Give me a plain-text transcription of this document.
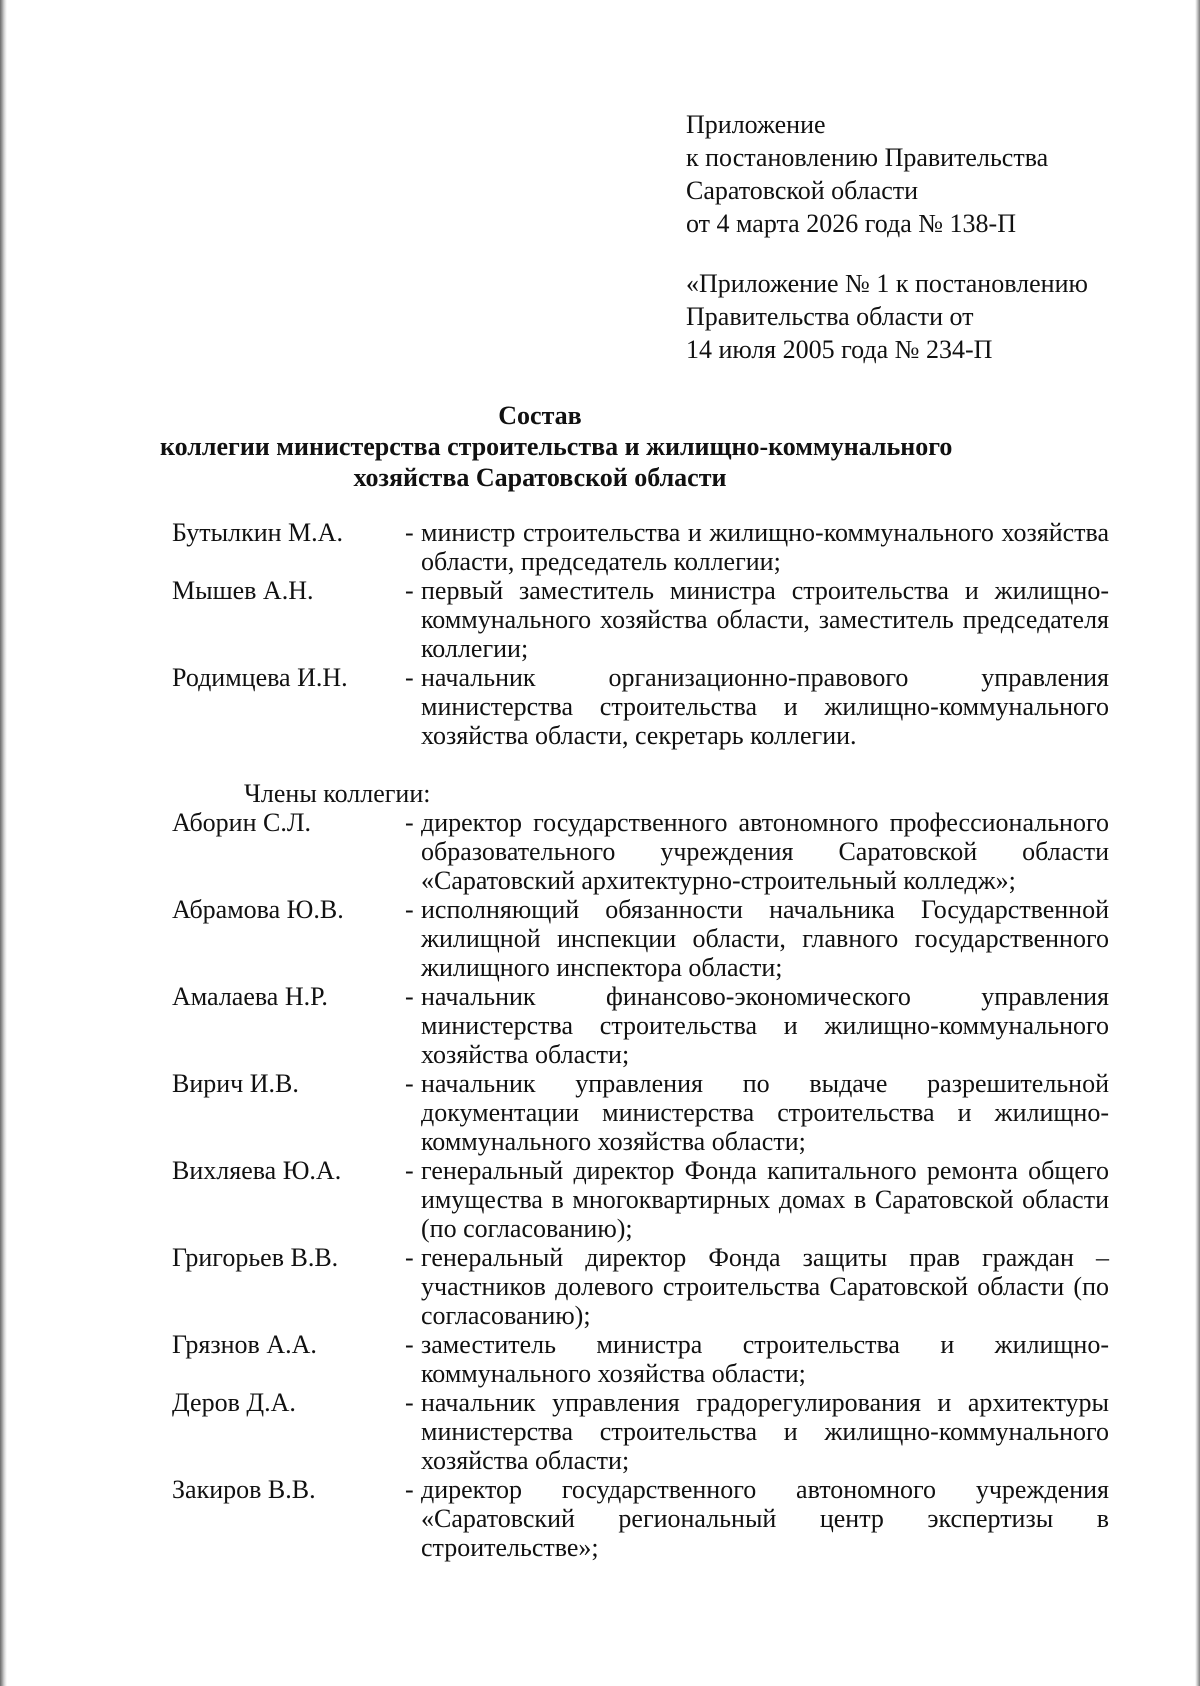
Приложение
к постановлению Правительства
Саратовской области
от 4 марта 2026 года № 138-П
«Приложение № 1 к постановлению
Правительства области от
14 июля 2005 года № 234-П
Состав
коллегии министерства строительства и жилищно-коммунального
хозяйства Саратовской области
Бутылкин М.А.	- министр строительства и жилищно-коммунального хозяйства области, председатель коллегии;
Мышев А.Н.	- первый заместитель министра строительства и жилищно-коммунального хозяйства области, заместитель председателя коллегии;
Родимцева И.Н.	- начальник организационно-правового управления министерства строительства и жилищно-коммунального хозяйства области, секретарь коллегии.
Члены коллегии:
Аборин С.Л.	- директор государственного автономного профессионального образовательного учреждения Саратовской области «Саратовский архитектурно-строительный колледж»;
Абрамова Ю.В.	- исполняющий обязанности начальника Государственной жилищной инспекции области, главного государственного жилищного инспектора области;
Амалаева Н.Р.	- начальник финансово-экономического управления министерства строительства и жилищно-коммунального хозяйства области;
Вирич И.В.	- начальник управления по выдаче разрешительной документации министерства строительства и жилищно-коммунального хозяйства области;
Вихляева Ю.А.	- генеральный директор Фонда капитального ремонта общего имущества в многоквартирных домах в Саратовской области (по согласованию);
Григорьев В.В.	- генеральный директор Фонда защиты прав граждан – участников долевого строительства Саратовской области (по согласованию);
Грязнов А.А.	- заместитель министра строительства и жилищно-коммунального хозяйства области;
Деров Д.А.	- начальник управления градорегулирования и архитектуры министерства строительства и жилищно-коммунального хозяйства области;
Закиров В.В.	- директор государственного автономного учреждения «Саратовский региональный центр экспертизы в строительстве»;
